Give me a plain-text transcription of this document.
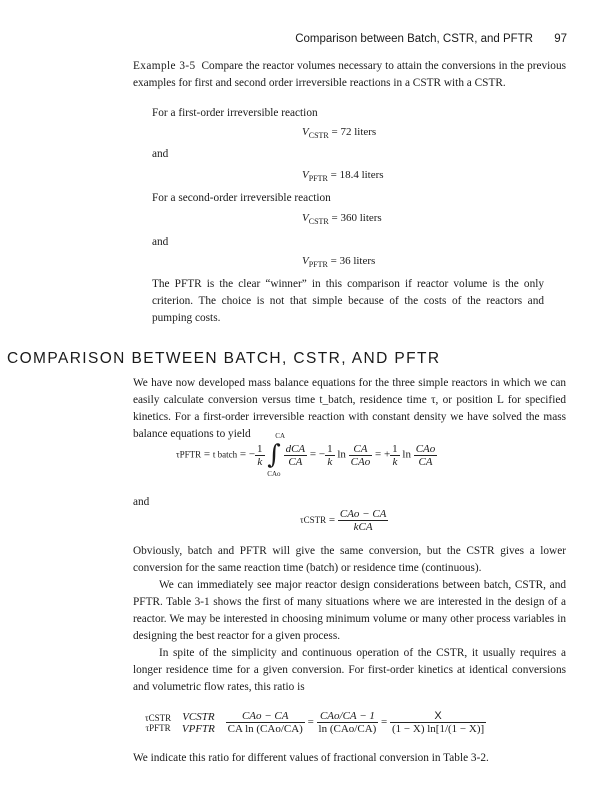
Comparison between Batch, CSTR, and PFTR 97
Example 3-5 Compare the reactor volumes necessary to attain the conversions in the previous examples for first and second order irreversible reactions in a CSTR with a CSTR.
For a first-order irreversible reaction
$V_{CSTR} = 72$ liters
and
$V_{PFTR} = 18.4$ liters
For a second-order irreversible reaction
$V_{CSTR} = 360$ liters
and
$V_{PFTR} = 36$ liters
The PFTR is the clear “winner” in this comparison if reactor volume is the only criterion. The choice is not that simple because of the costs of the reactors and pumping costs.
COMPARISON BETWEEN BATCH, CSTR, AND PFTR
We have now developed mass balance equations for the three simple reactors in which we can easily calculate conversion versus time t_batch, residence time τ, or position L for specified kinetics. For a first-order irreversible reaction with constant density we have solved the mass balance equations to yield
τPFTR = t batch = − $\frac{1}{k}$ ∫
CA
CAo

$\frac{\text{dCA}}{CA}$ = − $\frac{1}{k}$ $\ln \frac{CA}{\text{CAo}}$ = + $\frac{1}{k}$ $\ln \frac{\text{CAo}}{CA}$
and
τCSTR = $\frac{\text{CAo − CA}}{\text{kCA}}$
Obviously, batch and PFTR will give the same conversion, but the CSTR gives a lower conversion for the same reaction time (batch) or residence time (continuous).
We can immediately see major reactor design considerations between batch, CSTR, and PFTR. Table 3-1 shows the first of many situations where we are interested in the design of a reactor. We may be interested in choosing minimum volume or many other process variables in designing the best reactor for a given process.
In spite of the simplicity and continuous operation of the CSTR, it usually requires a longer residence time for a given conversion. For first-order kinetics at identical conversions and volumetric flow rates, this ratio is
τCSTR
τPFTR

VCSTR
VPFTR
$\frac{\text{CAo − CA}}{\text{CA ln (CAo/CA)}} = \frac{\text{CAo/CA − 1}}{\text{ln (CAo/CA)}} = \frac{X}{(1 - X) \ln[1/(1 - X)]}$
We indicate this ratio for different values of fractional conversion in Table 3-2.
